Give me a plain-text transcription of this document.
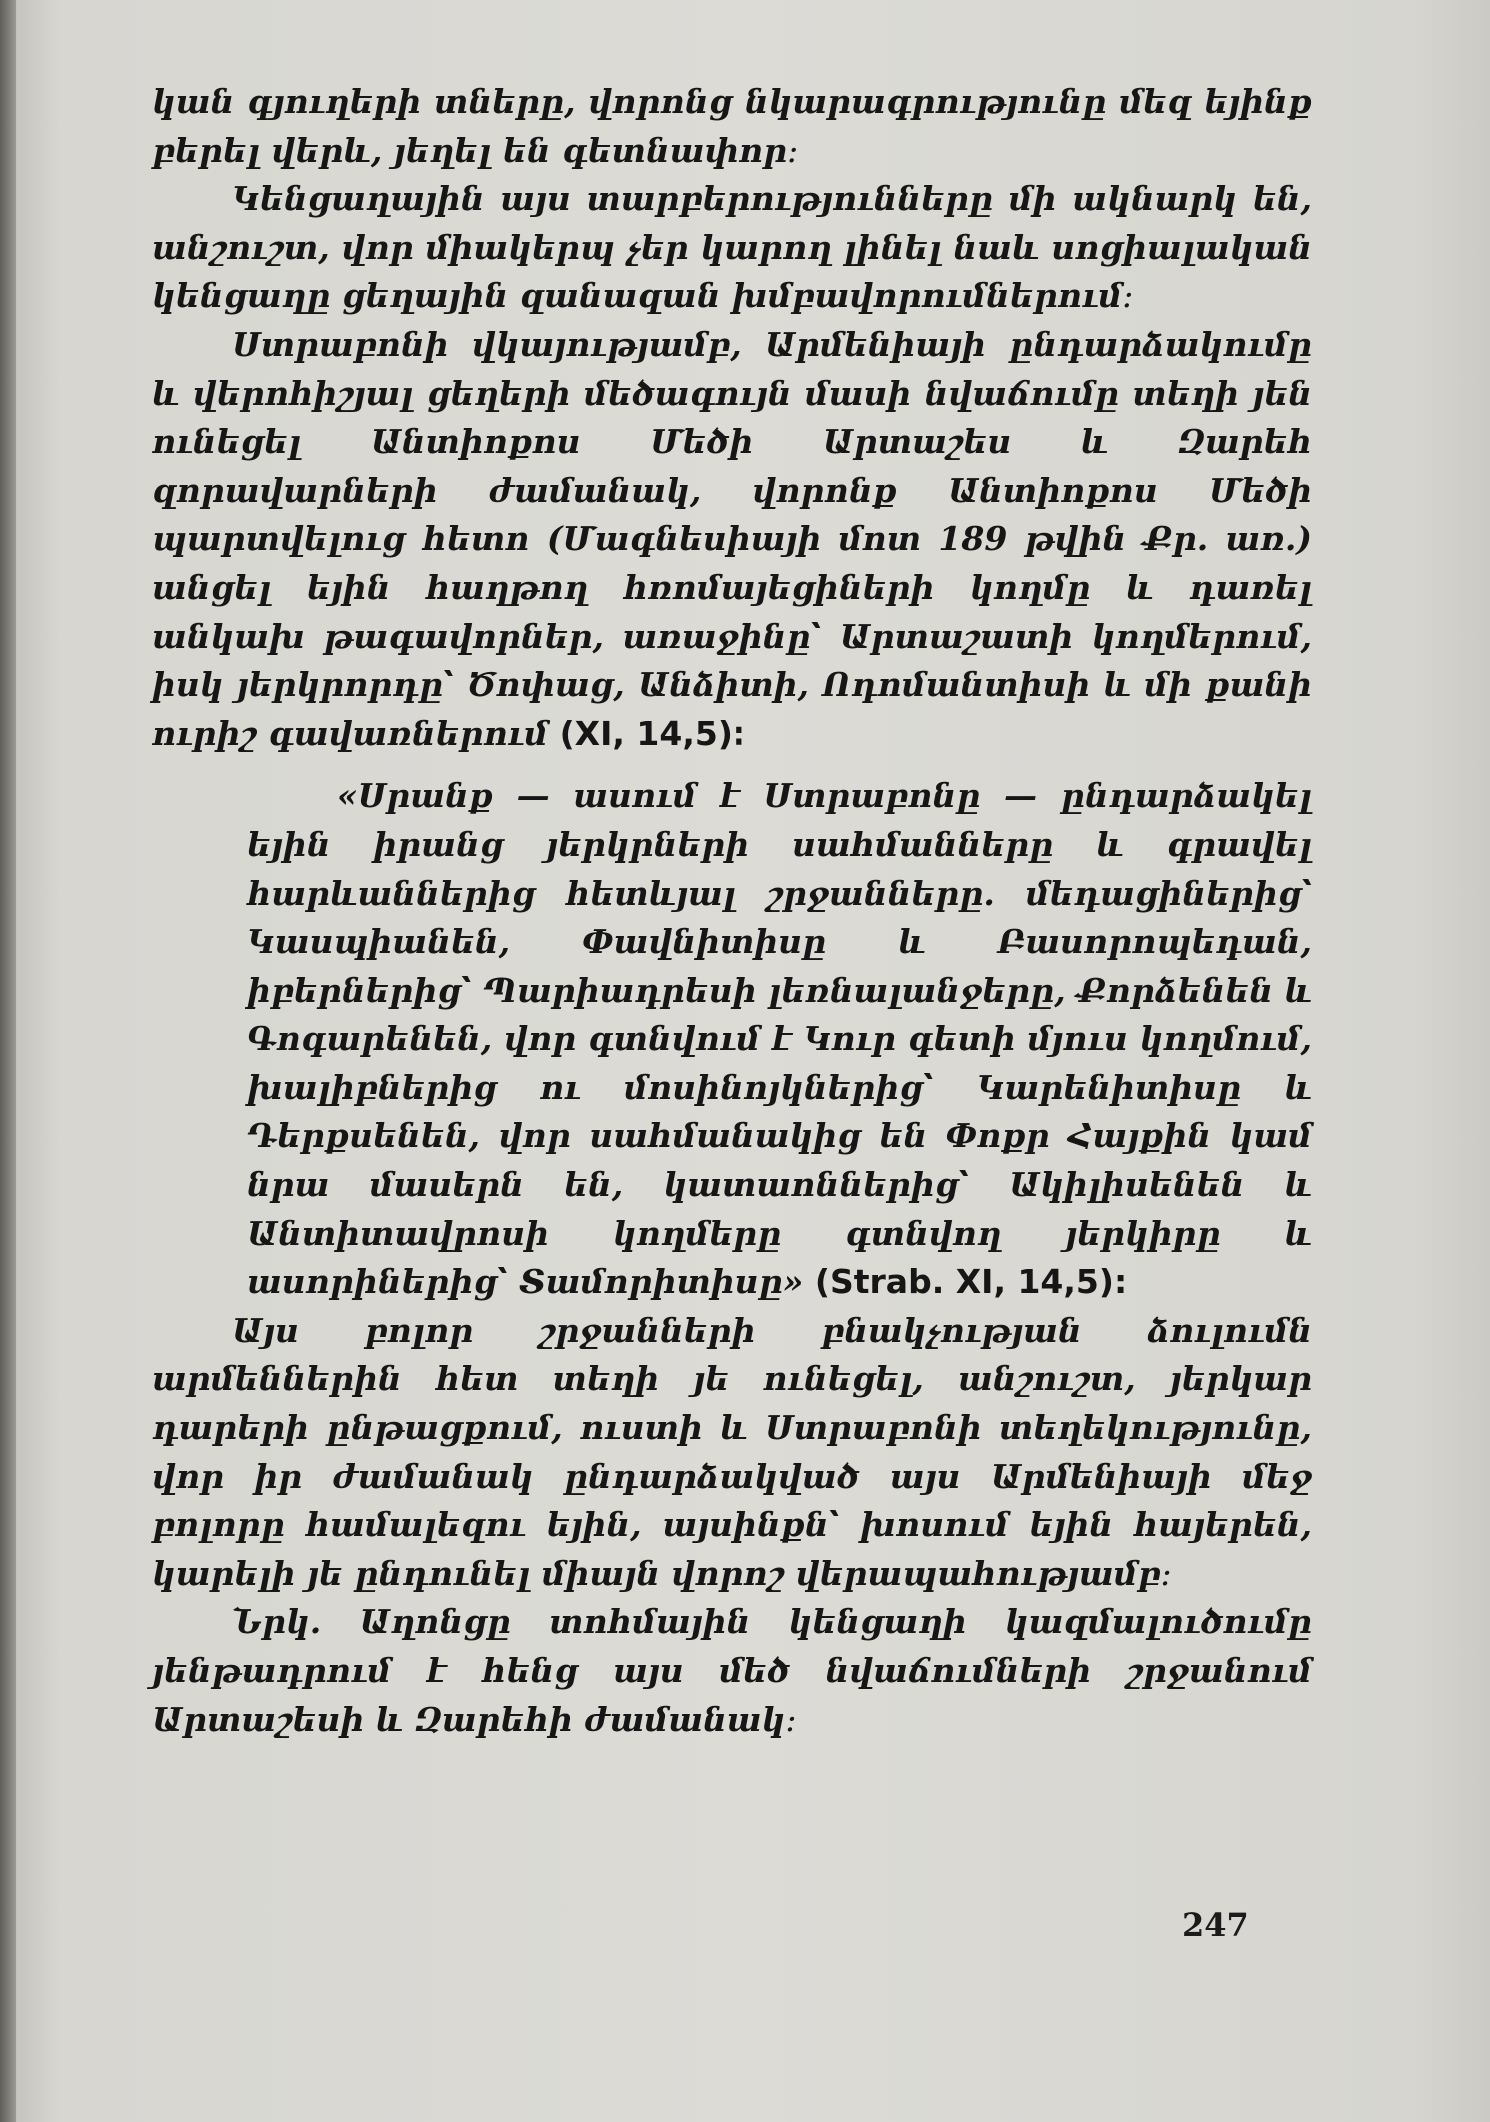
կան գյուղերի տները, վորոնց նկարագրությունը մեզ եյինք բերել վերև, յեղել են գետնափոր։

Կենցաղային այս տարբերությունները մի ակնարկ են, անշուշտ, վոր միակերպ չեր կարող լինել նաև սոցիալական կենցաղը ցեղային զանազան խմբավորումներում։

Ստրաբոնի վկայությամբ, Արմենիայի ընդարձակումը և վերոհիշյալ ցեղերի մեծագույն մասի նվաճումը տեղի յեն ունեցել Անտիոքոս Մեծի Արտաշես և Զարեհ զորավարների ժամանակ, վորոնք Անտիոքոս Մեծի պարտվելուց հետո (Մագնեսիայի մոտ 189 թվին Քր. առ.) անցել եյին հաղթող հռոմայեցիների կողմը և դառել անկախ թագավորներ, առաջինը՝ Արտաշատի կողմերում, իսկ յերկրորդը՝ Ծոփաց, Անձիտի, Ոդոմանտիսի և մի քանի ուրիշ գավառներում (XI, 14,5)։

«Սրանք — ասում է Ստրաբոնը — ընդարձակել եյին իրանց յերկրների սահմանները և գրավել հարևաններից հետևյալ շրջանները. մեդացիներից՝ Կասպիանեն, Փավնիտիսը և Բասորոպեդան, իբերներից՝ Պարիադրեսի լեռնալանջերը, Քորձենեն և Գոգարենեն, վոր գտնվում է Կուր գետի մյուս կողմում, խալիբներից ու մոսինոյկներից՝ Կարենիտիսը և Դերքսենեն, վոր սահմանակից են Փոքր Հայքին կամ նրա մասերն են, կատաոններից՝ Ակիլիսենեն և Անտիտավրոսի կողմերը գտնվող յերկիրը և ասորիներից՝ Տամորիտիսը» (Strab. XI, 14,5):

Այս բոլոր շրջանների բնակչության ձուլումն արմեններին հետ տեղի յե ունեցել, անշուշտ, յերկար դարերի ընթացքում, ուստի և Ստրաբոնի տեղեկությունը, վոր իր ժամանակ ընդարձակված այս Արմենիայի մեջ բոլորը համալեզու եյին, այսինքն՝ խոսում եյին հայերեն, կարելի յե ընդունել միայն վորոշ վերապահությամբ։

Նրկ. Աղոնցը տոհմային կենցաղի կազմալուծումը յենթադրում է հենց այս մեծ նվաճումների շրջանում Արտաշեսի և Զարեհի ժամանակ։

247
